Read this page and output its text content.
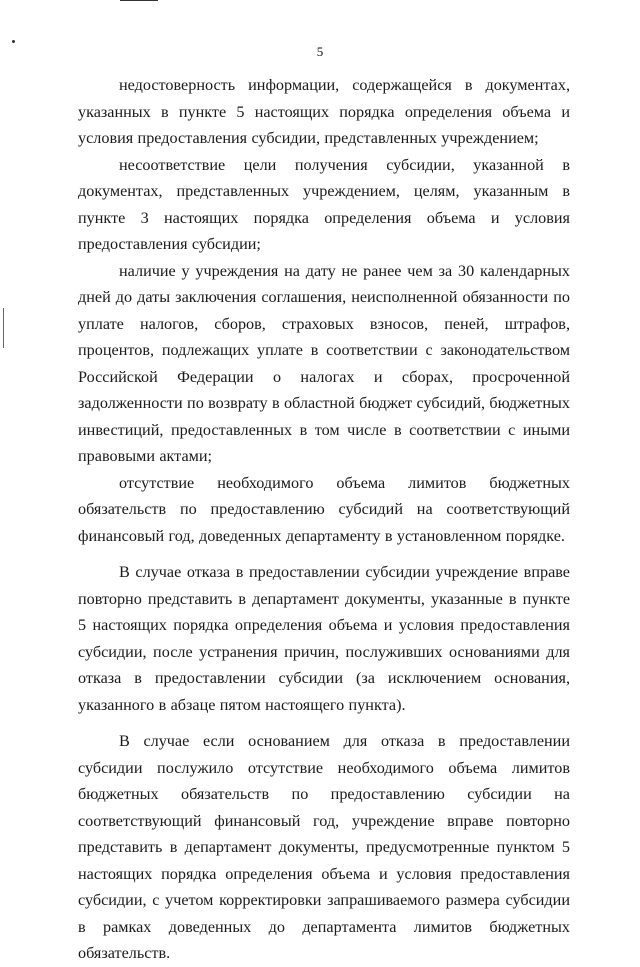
5

недостоверность информации, содержащейся в документах, указанных в пункте 5 настоящих порядка определения объема и условия предоставления субсидии, представленных учреждением;

несоответствие цели получения субсидии, указанной в документах, представленных учреждением, целям, указанным в пункте 3 настоящих порядка определения объема и условия предоставления субсидии;

наличие у учреждения на дату не ранее чем за 30 календарных дней до даты заключения соглашения, неисполненной обязанности по уплате налогов, сборов, страховых взносов, пеней, штрафов, процентов, подлежащих уплате в соответствии с законодательством Российской Федерации о налогах и сборах, просроченной задолженности по возврату в областной бюджет субсидий, бюджетных инвестиций, предоставленных в том числе в соответствии с иными правовыми актами;

отсутствие необходимого объема лимитов бюджетных обязательств по предоставлению субсидий на соответствующий финансовый год, доведенных департаменту в установленном порядке.

В случае отказа в предоставлении субсидии учреждение вправе повторно представить в департамент документы, указанные в пункте 5 настоящих порядка определения объема и условия предоставления субсидии, после устранения причин, послуживших основаниями для отказа в предоставлении субсидии (за исключением основания, указанного в абзаце пятом настоящего пункта).

В случае если основанием для отказа в предоставлении субсидии послужило отсутствие необходимого объема лимитов бюджетных обязательств по предоставлению субсидии на соответствующий финансовый год, учреждение вправе повторно представить в департамент документы, предусмотренные пунктом 5 настоящих порядка определения объема и условия предоставления субсидии, с учетом корректировки запрашиваемого размера субсидии в рамках доведенных до департамента лимитов бюджетных обязательств.
